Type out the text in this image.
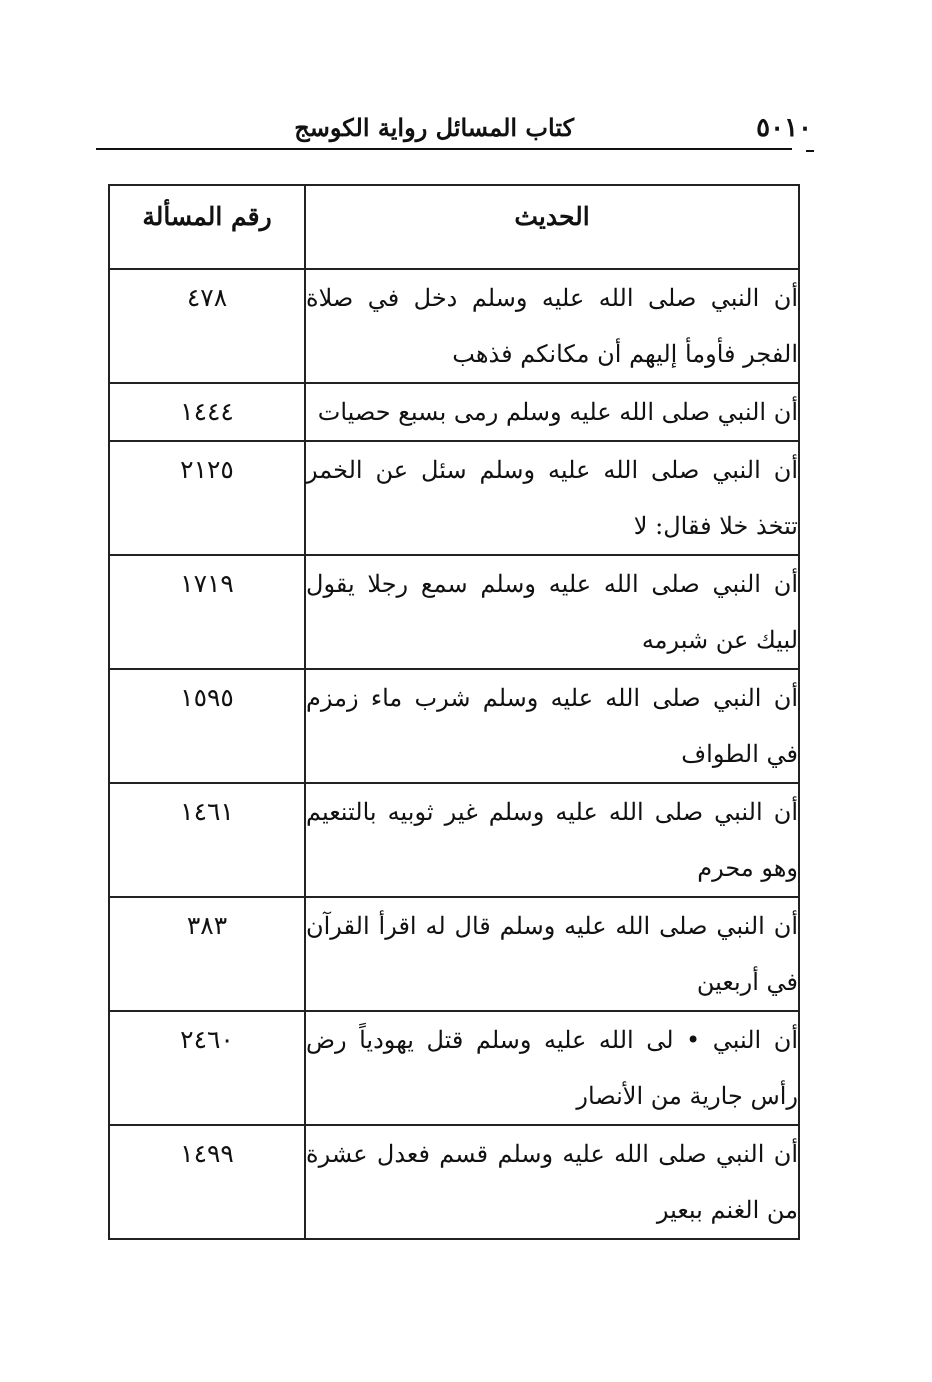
٥٠١٠
كتاب المسائل رواية الكوسج
الحديث	رقم المسألة

أن النبي صلى الله عليه وسلم دخل في صلاة الفجر فأومأ إليهم أن مكانكم فذهب	٤٧٨
أن النبي صلى الله عليه وسلم رمى بسبع حصيات	١٤٤٤
أن النبي صلى الله عليه وسلم سئل عن الخمر تتخذ خلا فقال: لا	٢١٢٥
أن النبي صلى الله عليه وسلم سمع رجلا يقول لبيك عن شبرمه	١٧١٩
أن النبي صلى الله عليه وسلم شرب ماء زمزم في الطواف	١٥٩٥
أن النبي صلى الله عليه وسلم غير ثوبيه بالتنعيم وهو محرم	١٤٦١
أن النبي صلى الله عليه وسلم قال له اقرأ القرآن في أربعين	٣٨٣
أن النبي • لى الله عليه وسلم قتل يهودياً رض رأس جارية من الأنصار	٢٤٦٠
أن النبي صلى الله عليه وسلم قسم فعدل عشرة من الغنم ببعير	١٤٩٩
